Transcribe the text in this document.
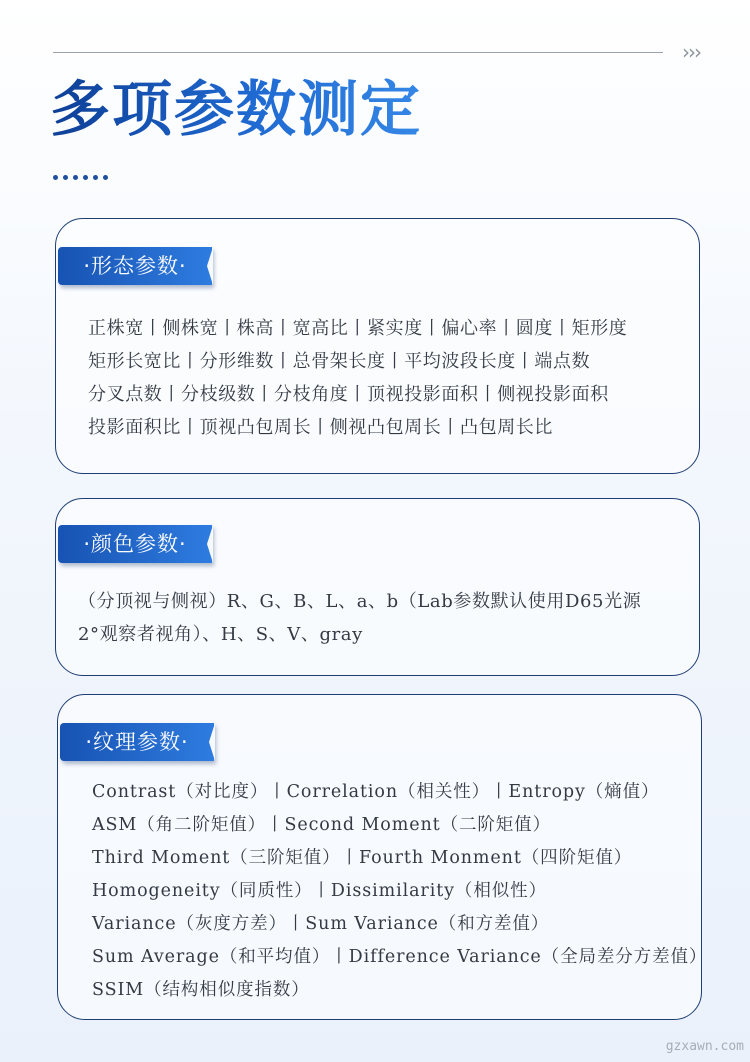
›››
多项参数测定
·形态参数·

正株宽丨侧株宽丨株高丨宽高比丨紧实度丨偏心率丨圆度丨矩形度

矩形长宽比丨分形维数丨总骨架长度丨平均波段长度丨端点数

分叉点数丨分枝级数丨分枝角度丨顶视投影面积丨侧视投影面积

投影面积比丨顶视凸包周长丨侧视凸包周长丨凸包周长比

·颜色参数·

（分顶视与侧视）R、G、B、L、a、b（Lab参数默认使用D65光源

2°观察者视角）、H、S、V、gray

·纹理参数·

Contrast（对比度）丨Correlation（相关性）丨Entropy（熵值）

ASM（角二阶矩值）丨Second Moment（二阶矩值）

Third Moment（三阶矩值）丨Fourth Monment（四阶矩值）

Homogeneity（同质性）丨Dissimilarity（相似性）

Variance（灰度方差）丨Sum Variance（和方差值）

Sum Average（和平均值）丨Difference Variance（全局差分方差值）

SSIM（结构相似度指数）

gzxawn.com
